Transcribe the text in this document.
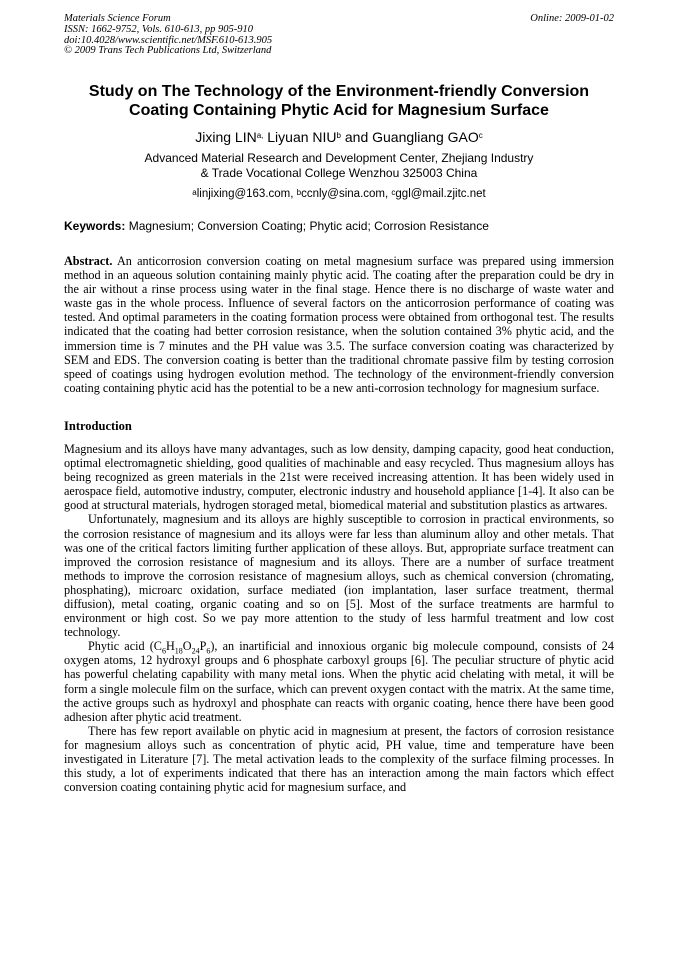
Materials Science Forum
ISSN: 1662-9752, Vols. 610-613, pp 905-910
doi:10.4028/www.scientific.net/MSF.610-613.905
© 2009 Trans Tech Publications Ltd, Switzerland
Online: 2009-01-02
Study on The Technology of the Environment-friendly Conversion
Coating Containing Phytic Acid for Magnesium Surface
Jixing $LIN^{a,}$ Liyuan NIU$^b$ and Guangliang GAO$^c$
Advanced Material Research and Development Center, Zhejiang Industry
& Trade Vocational College Wenzhou 325003 China
$^a$linjixing@163.com, $^b$ccnly@sina.com, $^c$ggl@mail.zjitc.net
Keywords: Magnesium; Conversion Coating; Phytic acid; Corrosion Resistance
Abstract. An anticorrosion conversion coating on metal magnesium surface was prepared using immersion method in an aqueous solution containing mainly phytic acid. The coating after the preparation could be dry in the air without a rinse process using water in the final stage. Hence there is no discharge of waste water and waste gas in the whole process. Influence of several factors on the anticorrosion performance of coating was tested. And optimal parameters in the coating formation process were obtained from orthogonal test. The results indicated that the coating had better corrosion resistance, when the solution contained 3% phytic acid, and the immersion time is 7 minutes and the PH value was 3.5. The surface conversion coating was characterized by SEM and EDS. The conversion coating is better than the traditional chromate passive film by testing corrosion speed of coatings using hydrogen evolution method. The technology of the environment-friendly conversion coating containing phytic acid has the potential to be a new anti-corrosion technology for magnesium surface.
Introduction

Magnesium and its alloys have many advantages, such as low density, damping capacity, good heat conduction, optimal electromagnetic shielding, good qualities of machinable and easy recycled. Thus magnesium alloys has being recognized as green materials in the 21st were received increasing attention. It has been widely used in aerospace field, automotive industry, computer, electronic industry and household appliance [1-4]. It also can be good at structural materials, hydrogen storaged metal, biomedical material and substitution plastics as artwares.

Unfortunately, magnesium and its alloys are highly susceptible to corrosion in practical environments, so the corrosion resistance of magnesium and its alloys were far less than aluminum alloy and other metals. That was one of the critical factors limiting further application of these alloys. But, appropriate surface treatment can improved the corrosion resistance of magnesium and its alloys. There are a number of surface treatment methods to improve the corrosion resistance of magnesium alloys, such as chemical conversion (chromating, phosphating), microarc oxidation, surface mediated (ion implantation, laser surface treatment, thermal diffusion), metal coating, organic coating and so on [5]. Most of the surface treatments are harmful to environment or high cost. So we pay more attention to the study of less harmful treatment and low cost technology.

Phytic acid $(C_6H_{18}O_{24}P_6)$, an inartificial and innoxious organic big molecule compound, consists of 24 oxygen atoms, 12 hydroxyl groups and 6 phosphate carboxyl groups [6]. The peculiar structure of phytic acid has powerful chelating capability with many metal ions. When the phytic acid chelating with metal, it will be form a single molecule film on the surface, which can prevent oxygen contact with the matrix. At the same time, the active groups such as hydroxyl and phosphate can reacts with organic coating, hence there have been good adhesion after phytic acid treatment.

There has few report available on phytic acid in magnesium at present, the factors of corrosion resistance for magnesium alloys such as concentration of phytic acid, PH value, time and temperature have been investigated in Literature [7]. The metal activation leads to the complexity of the surface filming processes. In this study, a lot of experiments indicated that there has an interaction among the main factors which effect conversion coating containing phytic acid for magnesium surface, and
